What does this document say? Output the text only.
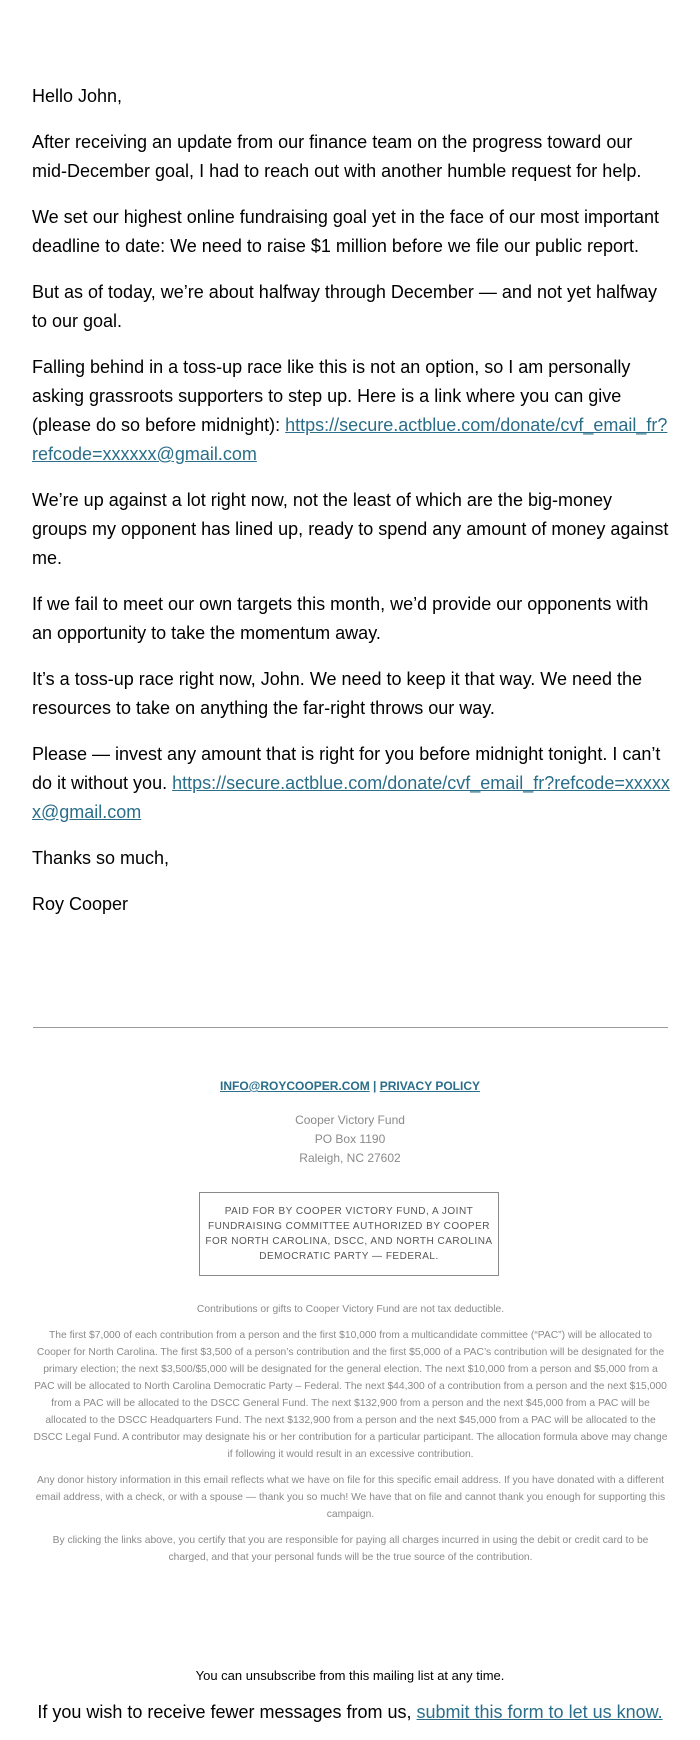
Hello John,

After receiving an update from our finance team on the progress toward our mid-December goal, I had to reach out with another humble request for help.

We set our highest online fundraising goal yet in the face of our most important deadline to date: We need to raise $1 million before we file our public report.

But as of today, we’re about halfway through December — and not yet halfway to our goal.

Falling behind in a toss-up race like this is not an option, so I am personally asking grassroots supporters to step up. Here is a link where you can give (please do so before midnight): https://secure.actblue.com/donate/cvf_email_fr?refcode=xxxxxx@gmail.com

We’re up against a lot right now, not the least of which are the big-money groups my opponent has lined up, ready to spend any amount of money against me.

If we fail to meet our own targets this month, we’d provide our opponents with an opportunity to take the momentum away.

It’s a toss-up race right now, John. We need to keep it that way. We need the resources to take on anything the far-right throws our way.

Please — invest any amount that is right for you before midnight tonight. I can’t do it without you. https://secure.actblue.com/donate/cvf_email_fr?refcode=xxxxxx@gmail.com

Thanks so much,

Roy Cooper

INFO@ROYCOOPER.COM | PRIVACY POLICY
Cooper Victory Fund
PO Box 1190
Raleigh, NC 27602
PAID FOR BY COOPER VICTORY FUND, A JOINT FUNDRAISING COMMITTEE AUTHORIZED BY COOPER FOR NORTH CAROLINA, DSCC, AND NORTH CAROLINA DEMOCRATIC PARTY — FEDERAL.

Contributions or gifts to Cooper Victory Fund are not tax deductible.

The first $7,000 of each contribution from a person and the first $10,000 from a multicandidate committee (“PAC”) will be allocated to Cooper for North Carolina. The first $3,500 of a person’s contribution and the first $5,000 of a PAC’s contribution will be designated for the primary election; the next $3,500/$5,000 will be designated for the general election. The next $10,000 from a person and $5,000 from a PAC will be allocated to North Carolina Democratic Party – Federal. The next $44,300 of a contribution from a person and the next $15,000 from a PAC will be allocated to the DSCC General Fund. The next $132,900 from a person and the next $45,000 from a PAC will be allocated to the DSCC Headquarters Fund. The next $132,900 from a person and the next $45,000 from a PAC will be allocated to the DSCC Legal Fund. A contributor may designate his or her contribution for a particular participant. The allocation formula above may change if following it would result in an excessive contribution.

Any donor history information in this email reflects what we have on file for this specific email address. If you have donated with a different email address, with a check, or with a spouse — thank you so much! We have that on file and cannot thank you enough for supporting this campaign.

By clicking the links above, you certify that you are responsible for paying all charges incurred in using the debit or credit card to be charged, and that your personal funds will be the true source of the contribution.

You can unsubscribe from this mailing list at any time.
If you wish to receive fewer messages from us, submit this form to let us know.
